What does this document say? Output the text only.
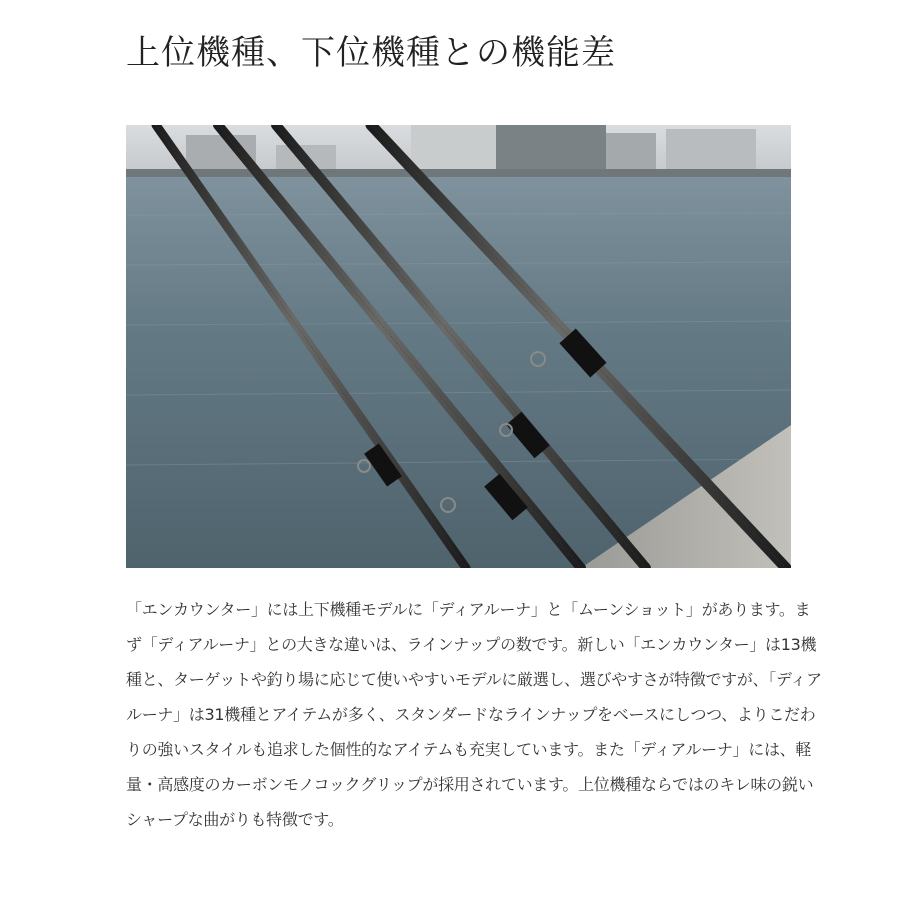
上位機種、下位機種との機能差

「エンカウンター」には上下機種モデルに「ディアルーナ」と「ムーンショット」があります。まず「ディアルーナ」との大きな違いは、ラインナップの数です。新しい「エンカウンター」は13機種と、ターゲットや釣り場に応じて使いやすいモデルに厳選し、選びやすさが特徴ですが、「ディアルーナ」は31機種とアイテムが多く、スタンダードなラインナップをベースにしつつ、よりこだわりの強いスタイルも追求した個性的なアイテムも充実しています。また「ディアルーナ」には、軽量・高感度のカーボンモノコックグリップが採用されています。上位機種ならではのキレ味の鋭いシャープな曲がりも特徴です。
